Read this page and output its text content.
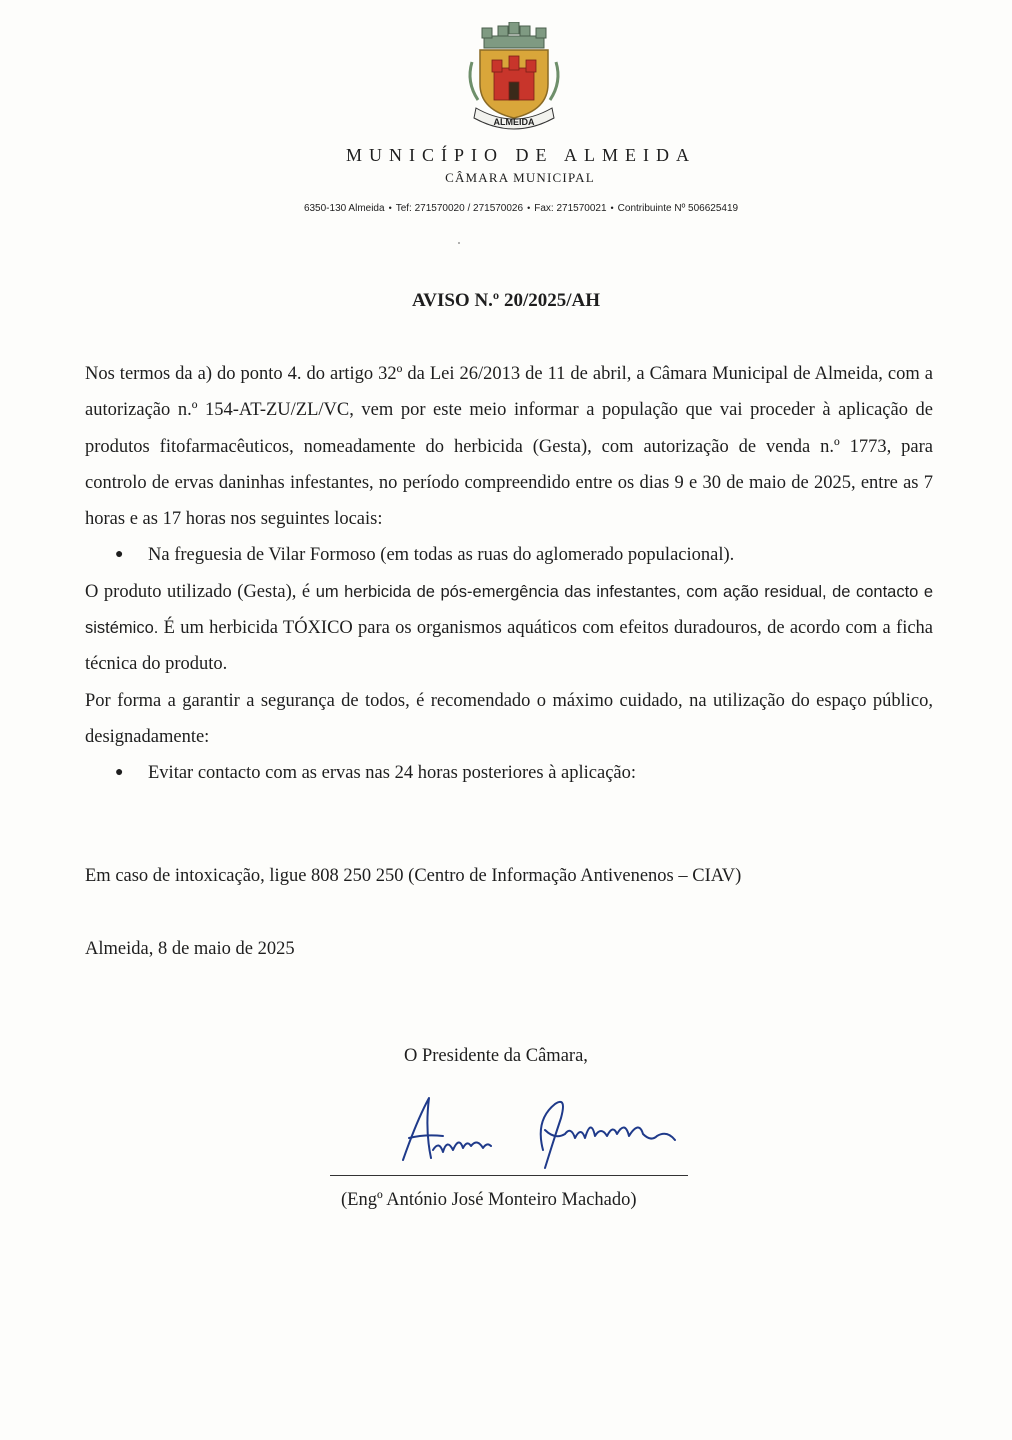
ALMEIDA
MUNICÍPIO DE ALMEIDA
CÂMARA MUNICIPAL
6350-130 Almeida • Tef: 271570020 / 271570026 • Fax: 271570021 • Contribuinte Nº 506625419
AVISO N.º 20/2025/AH

Nos termos da a) do ponto 4. do artigo 32º da Lei 26/2013 de 11 de abril, a Câmara Municipal de Almeida, com a autorização n.º 154-AT-ZU/ZL/VC, vem por este meio informar a população que vai proceder à aplicação de produtos fitofarmacêuticos, nomeadamente do herbicida (Gesta), com autorização de venda n.º 1773, para controlo de ervas daninhas infestantes, no período compreendido entre os dias 9 e 30 de maio de 2025, entre as 7 horas e as 17 horas nos seguintes locais:

● Na freguesia de Vilar Formoso (em todas as ruas do aglomerado populacional).

O produto utilizado (Gesta), é um herbicida de pós-emergência das infestantes, com ação residual, de contacto e sistémico. É um herbicida TÓXICO para os organismos aquáticos com efeitos duradouros, de acordo com a ficha técnica do produto.

Por forma a garantir a segurança de todos, é recomendado o máximo cuidado, na utilização do espaço público, designadamente:

● Evitar contacto com as ervas nas 24 horas posteriores à aplicação:

Em caso de intoxicação, ligue 808 250 250 (Centro de Informação Antivenenos – CIAV)
Almeida, 8 de maio de 2025
O Presidente da Câmara,
(Engº António José Monteiro Machado)
